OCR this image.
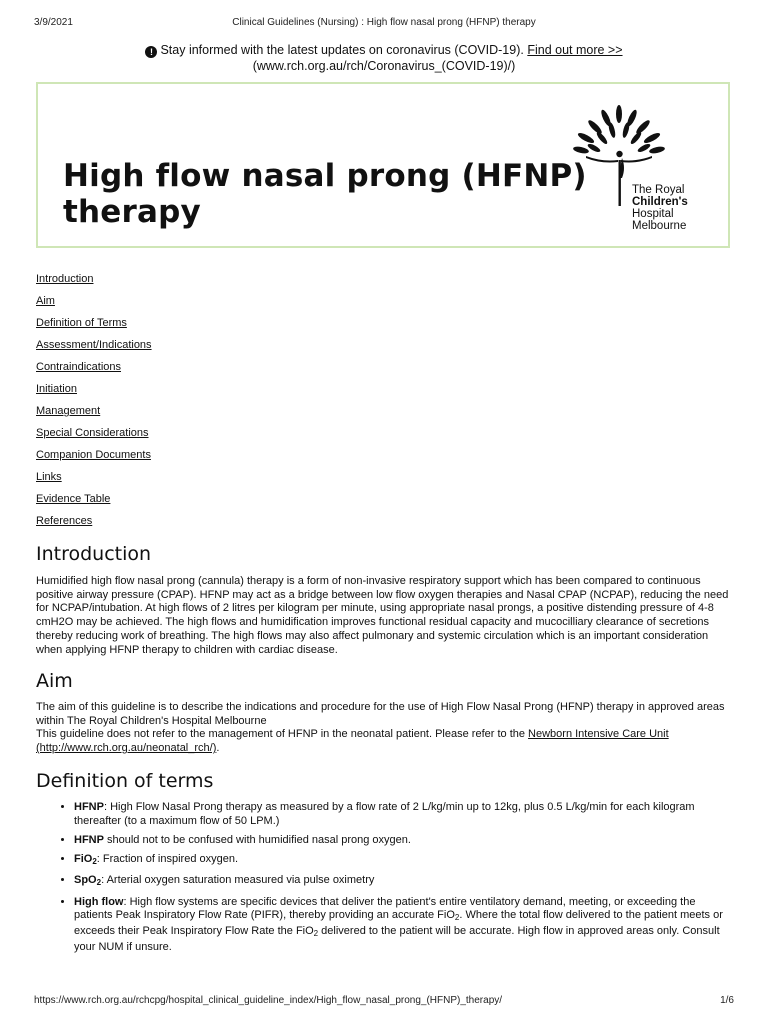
3/9/2021	Clinical Guidelines (Nursing) : High flow nasal prong (HFNP) therapy
! Stay informed with the latest updates on coronavirus (COVID-19). Find out more >>
(www.rch.org.au/rch/Coronavirus_(COVID-19)/)
High flow nasal prong (HFNP)
therapy
The Royal
Children's
Hospital
Melbourne
Introduction
Aim
Definition of Terms
Assessment/Indications
Contraindications
Initiation
Management
Special Considerations
Companion Documents
Links
Evidence Table
References
Introduction

Humidified high flow nasal prong (cannula) therapy is a form of non-invasive respiratory support which has been compared to continuous positive airway pressure (CPAP). HFNP may act as a bridge between low flow oxygen therapies and Nasal CPAP (NCPAP), reducing the need for NCPAP/intubation. At high flows of 2 litres per kilogram per minute, using appropriate nasal prongs, a positive distending pressure of 4-8 cmH2O may be achieved. The high flows and humidification improves functional residual capacity and mucocilliary clearance of secretions thereby reducing work of breathing. The high flows may also affect pulmonary and systemic circulation which is an important consideration when applying HFNP therapy to children with cardiac disease.

Aim

The aim of this guideline is to describe the indications and procedure for the use of High Flow Nasal Prong (HFNP) therapy in approved areas within The Royal Children's Hospital Melbourne
This guideline does not refer to the management of HFNP in the neonatal patient. Please refer to the Newborn Intensive Care Unit
(http://www.rch.org.au/neonatal_rch/).

Definition of terms
• HFNP: High Flow Nasal Prong therapy as measured by a flow rate of 2 L/kg/min up to 12kg, plus 0.5 L/kg/min for each kilogram thereafter (to a maximum flow of 50 LPM.)
• HFNP should not to be confused with humidified nasal prong oxygen.
• FiO$_2$: Fraction of inspired oxygen.
• SpO$_2$: Arterial oxygen saturation measured via pulse oximetry
• High flow: High flow systems are specific devices that deliver the patient's entire ventilatory demand, meeting, or exceeding the patients Peak Inspiratory Flow Rate (PIFR), thereby providing an accurate FiO$_2$. Where the total flow delivered to the patient meets or exceeds their Peak Inspiratory Flow Rate the FiO$_2$ delivered to the patient will be accurate. High flow in approved areas only. Consult your NUM if unsure.
https://www.rch.org.au/rchcpg/hospital_clinical_guideline_index/High_flow_nasal_prong_(HFNP)_therapy/	1/6
